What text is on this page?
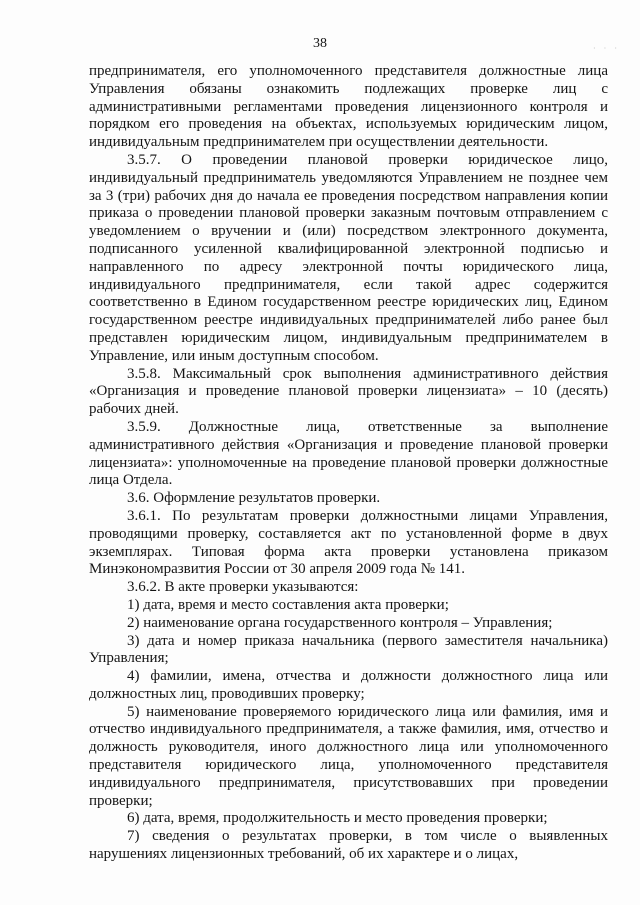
38	· · ·

предпринимателя, его уполномоченного представителя должностные лица Управления обязаны ознакомить подлежащих проверке лиц с административными регламентами проведения лицензионного контроля и порядком его проведения на объектах, используемых юридическим лицом, индивидуальным предпринимателем при осуществлении деятельности.

3.5.7. О проведении плановой проверки юридическое лицо, индивидуальный предприниматель уведомляются Управлением не позднее чем за 3 (три) рабочих дня до начала ее проведения посредством направления копии приказа о проведении плановой проверки заказным почтовым отправлением с уведомлением о вручении и (или) посредством электронного документа, подписанного усиленной квалифицированной электронной подписью и направленного по адресу электронной почты юридического лица, индивидуального предпринимателя, если такой адрес содержится соответственно в Едином государственном реестре юридических лиц, Едином государственном реестре индивидуальных предпринимателей либо ранее был представлен юридическим лицом, индивидуальным предпринимателем в Управление, или иным доступным способом.

3.5.8. Максимальный срок выполнения административного действия «Организация и проведение плановой проверки лицензиата» – 10 (десять) рабочих дней.

3.5.9. Должностные лица, ответственные за выполнение административного действия «Организация и проведение плановой проверки лицензиата»: уполномоченные на проведение плановой проверки должностные лица Отдела.

3.6. Оформление результатов проверки.

3.6.1. По результатам проверки должностными лицами Управления, проводящими проверку, составляется акт по установленной форме в двух экземплярах. Типовая форма акта проверки установлена приказом Минэкономразвития России от 30 апреля 2009 года № 141.

3.6.2. В акте проверки указываются:

1) дата, время и место составления акта проверки;

2) наименование органа государственного контроля – Управления;

3) дата и номер приказа начальника (первого заместителя начальника) Управления;

4) фамилии, имена, отчества и должности должностного лица или должностных лиц, проводивших проверку;

5) наименование проверяемого юридического лица или фамилия, имя и отчество индивидуального предпринимателя, а также фамилия, имя, отчество и должность руководителя, иного должностного лица или уполномоченного представителя юридического лица, уполномоченного представителя индивидуального предпринимателя, присутствовавших при проведении проверки;

6) дата, время, продолжительность и место проведения проверки;

7) сведения о результатах проверки, в том числе о выявленных нарушениях лицензионных требований, об их характере и о лицах,
